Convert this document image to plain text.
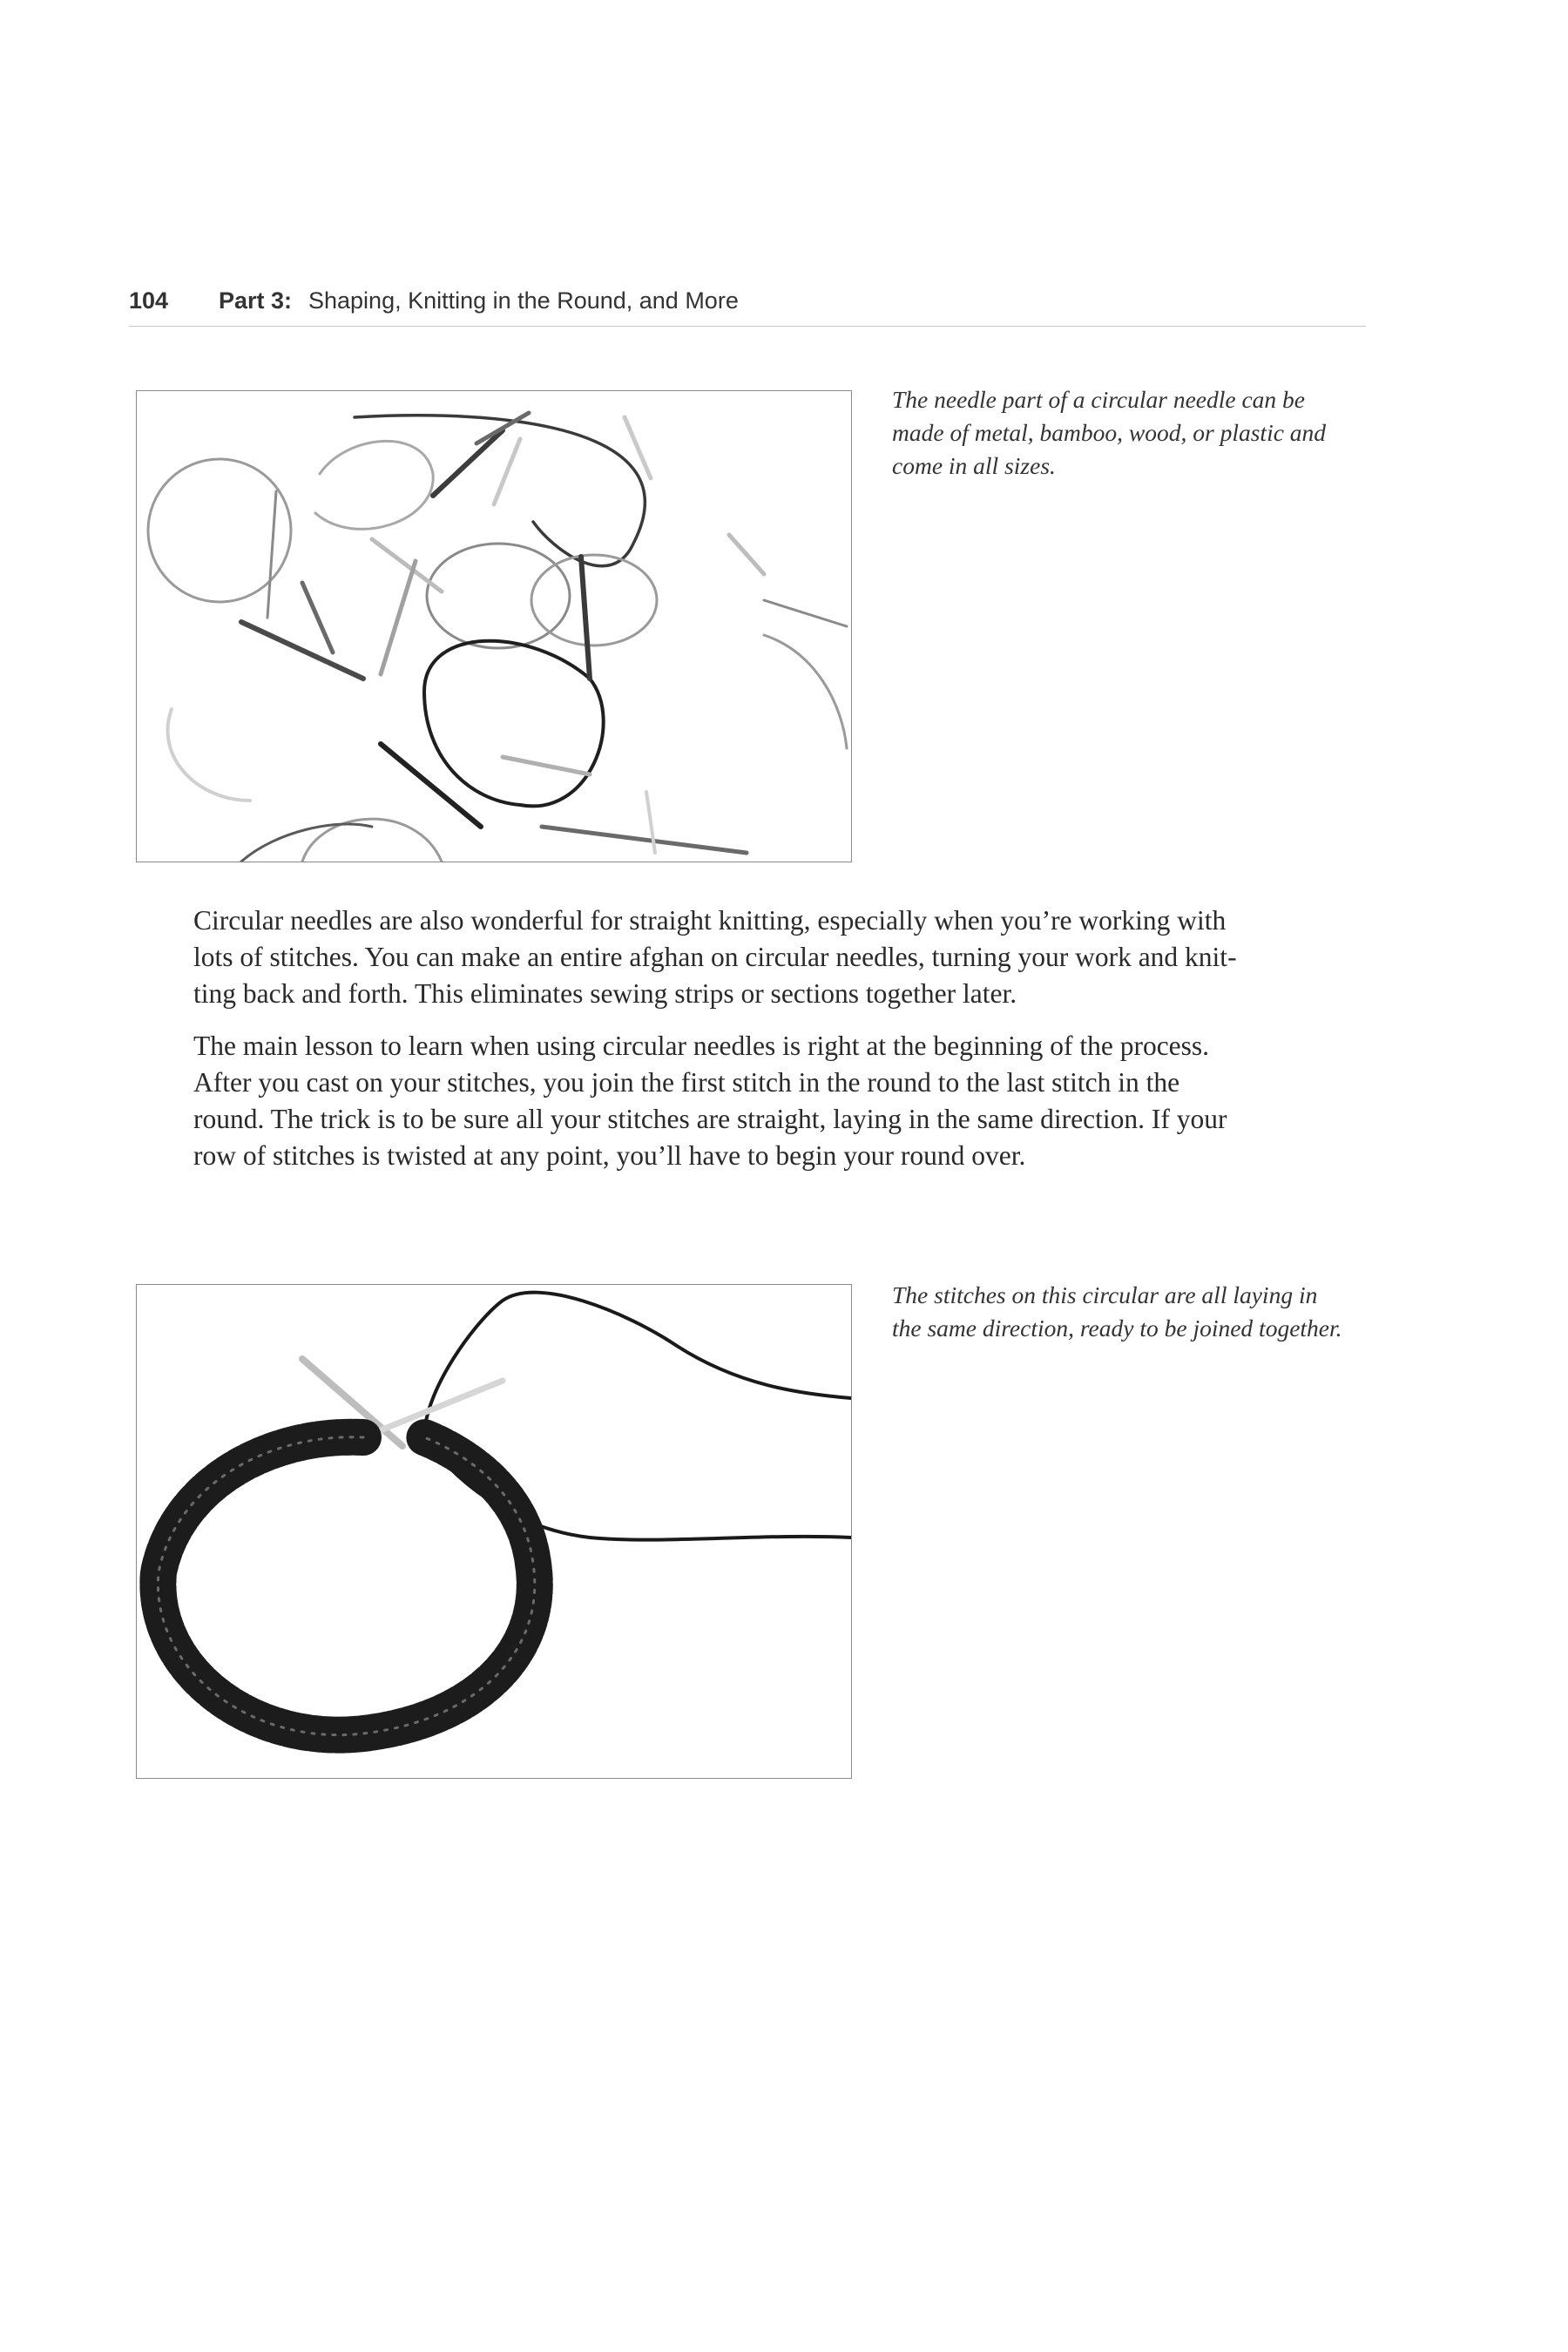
104 Part 3: Shaping, Knitting in the Round, and More
The needle part of a circular needle can be
made of metal, bamboo, wood, or plastic and
come in all sizes.
Circular needles are also wonderful for straight knitting, especially when you’re working with
lots of stitches. You can make an entire afghan on circular needles, turning your work and knit-
ting back and forth. This eliminates sewing strips or sections together later.
The main lesson to learn when using circular needles is right at the beginning of the process.
After you cast on your stitches, you join the first stitch in the round to the last stitch in the
round. The trick is to be sure all your stitches are straight, laying in the same direction. If your
row of stitches is twisted at any point, you’ll have to begin your round over.
The stitches on this circular are all laying in
the same direction, ready to be joined together.
